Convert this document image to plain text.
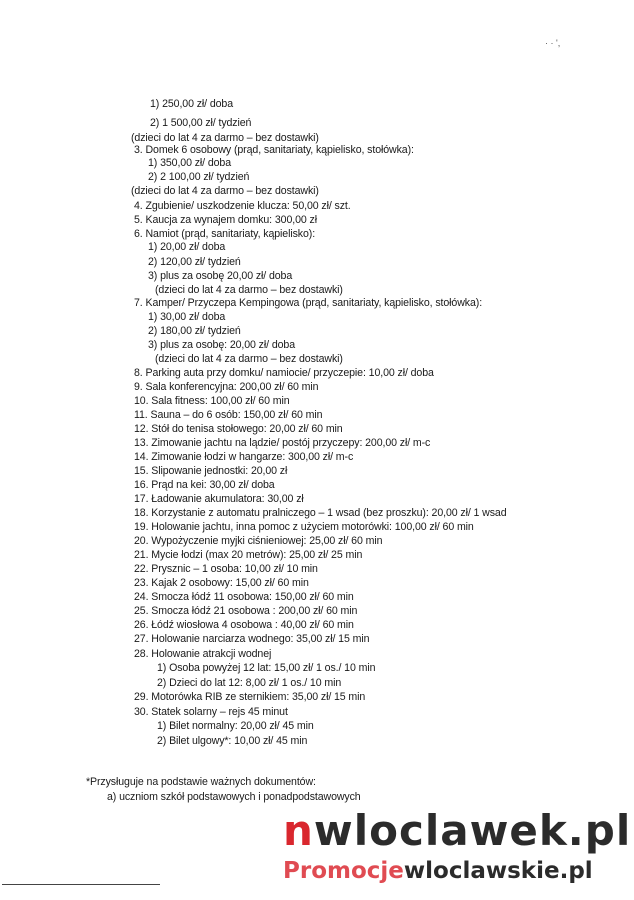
· · ',
1) 250,00 zł/ doba
2) 1 500,00 zł/ tydzień
(dzieci do lat 4 za darmo – bez dostawki)
3. Domek 6 osobowy (prąd, sanitariaty, kąpielisko, stołówka):
1) 350,00 zł/ doba
2) 2 100,00 zł/ tydzień
(dzieci do lat 4 za darmo – bez dostawki)
4. Zgubienie/ uszkodzenie klucza: 50,00 zł/ szt.
5. Kaucja za wynajem domku: 300,00 zł
6. Namiot (prąd, sanitariaty, kąpielisko):
1) 20,00 zł/ doba
2) 120,00 zł/ tydzień
3) plus za osobę 20,00 zł/ doba
(dzieci do lat 4 za darmo – bez dostawki)
7. Kamper/ Przyczepa Kempingowa (prąd, sanitariaty, kąpielisko, stołówka):
1) 30,00 zł/ doba
2) 180,00 zł/ tydzień
3) plus za osobę: 20,00 zł/ doba
(dzieci do lat 4 za darmo – bez dostawki)
8. Parking auta przy domku/ namiocie/ przyczepie: 10,00 zł/ doba
9. Sala konferencyjna: 200,00 zł/ 60 min
10. Sala fitness: 100,00 zł/ 60 min
11. Sauna – do 6 osób: 150,00 zł/ 60 min
12. Stół do tenisa stołowego: 20,00 zł/ 60 min
13. Zimowanie jachtu na lądzie/ postój przyczepy: 200,00 zł/ m-c
14. Zimowanie łodzi w hangarze: 300,00 zł/ m-c
15. Slipowanie jednostki: 20,00 zł
16. Prąd na kei: 30,00 zł/ doba
17. Ładowanie akumulatora: 30,00 zł
18. Korzystanie z automatu pralniczego – 1 wsad (bez proszku): 20,00 zł/ 1 wsad
19. Holowanie jachtu, inna pomoc z użyciem motorówki: 100,00 zł/ 60 min
20. Wypożyczenie myjki ciśnieniowej: 25,00 zł/ 60 min
21. Mycie łodzi (max 20 metrów): 25,00 zł/ 25 min
22. Prysznic – 1 osoba: 10,00 zł/ 10 min
23. Kajak 2 osobowy: 15,00 zł/ 60 min
24. Smocza łódź 11 osobowa: 150,00 zł/ 60 min
25. Smocza łódź 21 osobowa : 200,00 zł/ 60 min
26. Łódź wiosłowa 4 osobowa : 40,00 zł/ 60 min
27. Holowanie narciarza wodnego: 35,00 zł/ 15 min
28. Holowanie atrakcji wodnej
1) Osoba powyżej 12 lat: 15,00 zł/ 1 os./ 10 min
2) Dzieci do lat 12: 8,00 zł/ 1 os./ 10 min
29. Motorówka RIB ze sternikiem: 35,00 zł/ 15 min
30. Statek solarny – rejs 45 minut
1) Bilet normalny: 20,00 zł/ 45 min
2) Bilet ulgowy*: 10,00 zł/ 45 min
*Przysługuje na podstawie ważnych dokumentów:
a) uczniom szkół podstawowych i ponadpodstawowych
nwloclawek.pl
Promocjewloclawskie.pl
